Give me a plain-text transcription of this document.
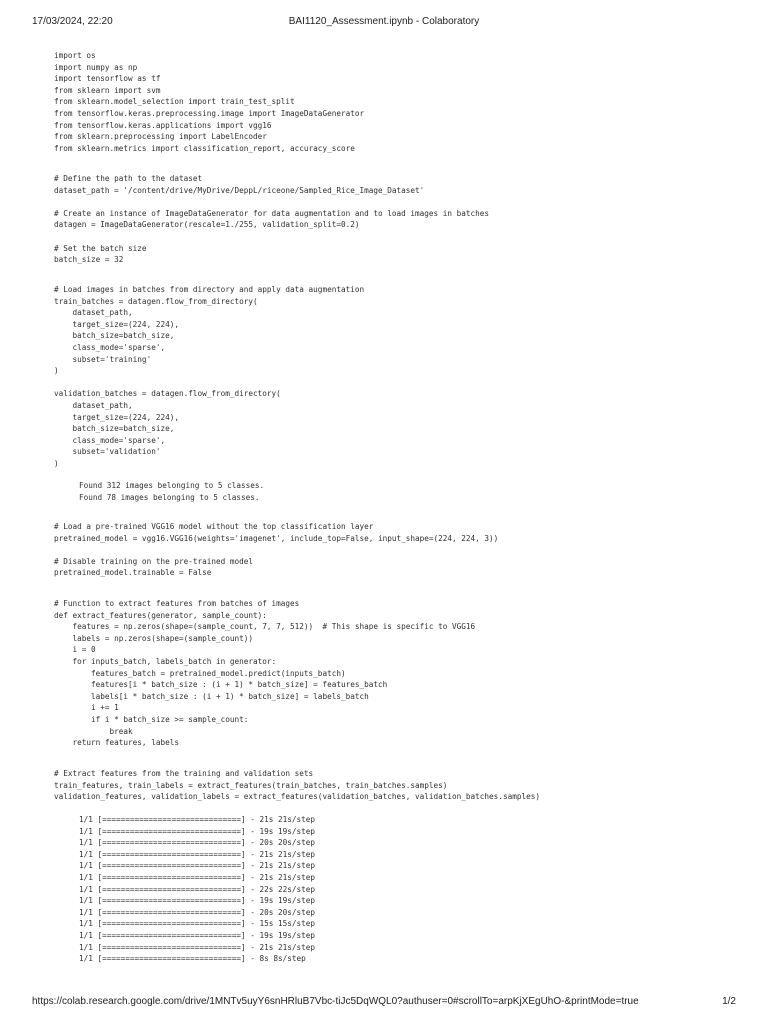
17/03/2024, 22:20	BAI1120_Assessment.ipynb - Colaboratory
import os
import numpy as np
import tensorflow as tf
from sklearn import svm
from sklearn.model_selection import train_test_split
from tensorflow.keras.preprocessing.image import ImageDataGenerator
from tensorflow.keras.applications import vgg16
from sklearn.preprocessing import LabelEncoder
from sklearn.metrics import classification_report, accuracy_score
# Define the path to the dataset
dataset_path = '/content/drive/MyDrive/DeppL/riceone/Sampled_Rice_Image_Dataset'

# Create an instance of ImageDataGenerator for data augmentation and to load images in batches
datagen = ImageDataGenerator(rescale=1./255, validation_split=0.2)

# Set the batch size
batch_size = 32
# Load images in batches from directory and apply data augmentation
train_batches = datagen.flow_from_directory(
dataset_path,
target_size=(224, 224),
batch_size=batch_size,
class_mode='sparse',
subset='training'
)

validation_batches = datagen.flow_from_directory(
dataset_path,
target_size=(224, 224),
batch_size=batch_size,
class_mode='sparse',
subset='validation'
)
Found 312 images belonging to 5 classes.
Found 78 images belonging to 5 classes.
# Load a pre-trained VGG16 model without the top classification layer
pretrained_model = vgg16.VGG16(weights='imagenet', include_top=False, input_shape=(224, 224, 3))

# Disable training on the pre-trained model
pretrained_model.trainable = False
# Function to extract features from batches of images
def extract_features(generator, sample_count):
features = np.zeros(shape=(sample_count, 7, 7, 512))  # This shape is specific to VGG16
labels = np.zeros(shape=(sample_count))
i = 0
for inputs_batch, labels_batch in generator:
features_batch = pretrained_model.predict(inputs_batch)
features[i * batch_size : (i + 1) * batch_size] = features_batch
labels[i * batch_size : (i + 1) * batch_size] = labels_batch
i += 1
if i * batch_size >= sample_count:
break
return features, labels
# Extract features from the training and validation sets
train_features, train_labels = extract_features(train_batches, train_batches.samples)
validation_features, validation_labels = extract_features(validation_batches, validation_batches.samples)
1/1 [==============================] - 21s 21s/step
1/1 [==============================] - 19s 19s/step
1/1 [==============================] - 20s 20s/step
1/1 [==============================] - 21s 21s/step
1/1 [==============================] - 21s 21s/step
1/1 [==============================] - 21s 21s/step
1/1 [==============================] - 22s 22s/step
1/1 [==============================] - 19s 19s/step
1/1 [==============================] - 20s 20s/step
1/1 [==============================] - 15s 15s/step
1/1 [==============================] - 19s 19s/step
1/1 [==============================] - 21s 21s/step
1/1 [==============================] - 8s 8s/step
https://colab.research.google.com/drive/1MNTv5uyY6snHRluB7Vbc-tiJc5DqWQL0?authuser=0#scrollTo=arpKjXEgUhO-&printMode=true	1/2
